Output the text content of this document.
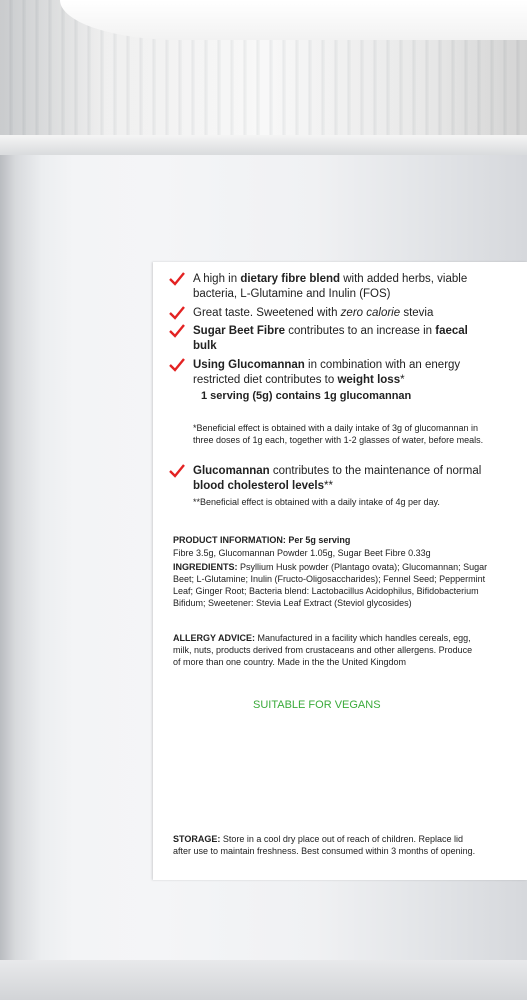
A high in dietary fibre blend with added herbs, viable bacteria, L-Glutamine and Inulin (FOS)
Great taste. Sweetened with zero calorie stevia
Sugar Beet Fibre contributes to an increase in faecal bulk
Using Glucomannan in combination with an energy restricted diet contributes to weight loss*
1 serving (5g) contains 1g glucomannan
*Beneficial effect is obtained with a daily intake of 3g of glucomannan in three doses of 1g each, together with 1-2 glasses of water, before meals.
Glucomannan contributes to the maintenance of normal blood cholesterol levels**
**Beneficial effect is obtained with a daily intake of 4g per day.
PRODUCT INFORMATION: Per 5g serving
Fibre 3.5g, Glucomannan Powder 1.05g, Sugar Beet Fibre 0.33g
INGREDIENTS: Psyllium Husk powder (Plantago ovata); Glucomannan; Sugar Beet; L-Glutamine; Inulin (Fructo-Oligosaccharides); Fennel Seed; Peppermint Leaf; Ginger Root; Bacteria blend: Lactobacillus Acidophilus, Bifidobacterium Bifidum; Sweetener: Stevia Leaf Extract (Steviol glycosides)
ALLERGY ADVICE: Manufactured in a facility which handles cereals, egg, milk, nuts, products derived from crustaceans and other allergens. Produce of more than one country. Made in the the United Kingdom
SUITABLE FOR VEGANS
STORAGE: Store in a cool dry place out of reach of children. Replace lid after use to maintain freshness. Best consumed within 3 months of opening.
